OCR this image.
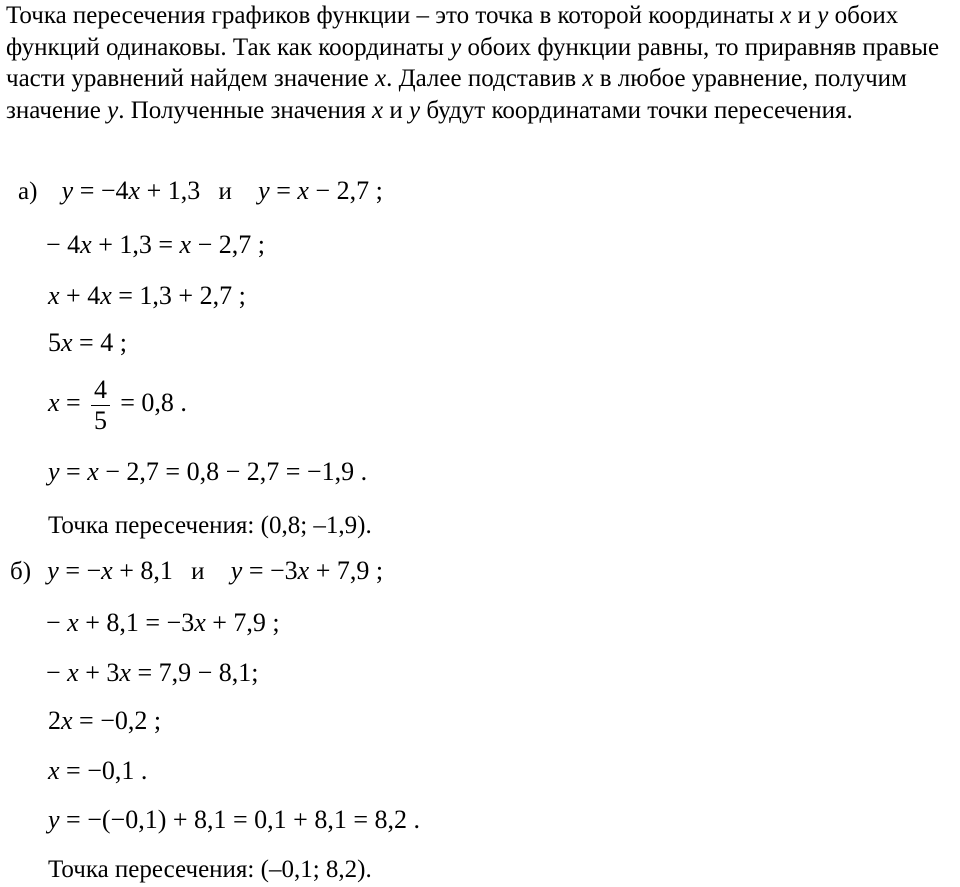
Точка пересечения графиков функции – это точка в которой координаты x и y обоих функций одинаковы. Так как координаты y обоих функции равны, то приравняв правые части уравнений найдем значение x. Далее подставив x в любое уравнение, получим значение y. Полученные значения x и y будут координатами точки пересечения.

а) y = −4x + 1,3 и y = x − 2,7 ;
− 4x + 1,3 = x − 2,7 ;
x + 4x = 1,3 + 2,7 ;
5x = 4 ;
$x = \frac{4}{5} = 0,8$ .
y = x − 2,7 = 0,8 − 2,7 = −1,9 .
Точка пересечения: (0,8; –1,9).
б) y = −x + 8,1 и y = −3x + 7,9 ;
− x + 8,1 = −3x + 7,9 ;
− x + 3x = 7,9 − 8,1;
2x = −0,2 ;
x = −0,1 .
y = −(−0,1) + 8,1 = 0,1 + 8,1 = 8,2 .
Точка пересечения: (–0,1; 8,2).
